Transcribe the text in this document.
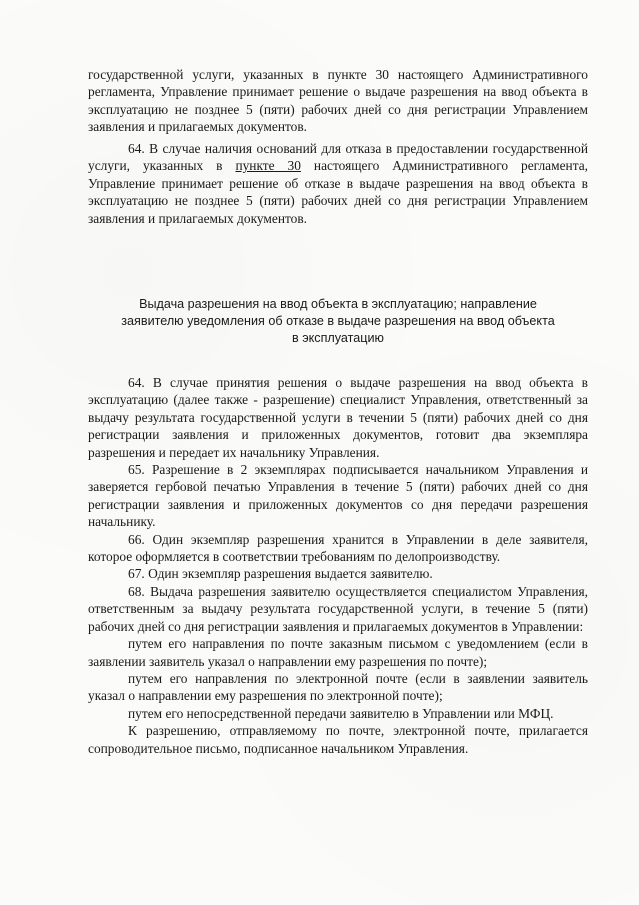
государственной услуги, указанных в пункте 30 настоящего Административного регламента, Управление принимает решение о выдаче разрешения на ввод объекта в эксплуатацию не позднее 5 (пяти) рабочих дней со дня регистрации Управлением заявления и прилагаемых документов.

64. В случае наличия оснований для отказа в предоставлении государственной услуги, указанных в пункте 30 настоящего Административного регламента, Управление принимает решение об отказе в выдаче разрешения на ввод объекта в эксплуатацию не позднее 5 (пяти) рабочих дней со дня регистрации Управлением заявления и прилагаемых документов.

Выдача разрешения на ввод объекта в эксплуатацию; направление
заявителю уведомления об отказе в выдаче разрешения на ввод объекта
в эксплуатацию

64. В случае принятия решения о выдаче разрешения на ввод объекта в эксплуатацию (далее также - разрешение) специалист Управления, ответственный за выдачу результата государственной услуги в течении 5 (пяти) рабочих дней со дня регистрации заявления и приложенных документов, готовит два экземпляра разрешения и передает их начальнику Управления.

65. Разрешение в 2 экземплярах подписывается начальником Управления и заверяется гербовой печатью Управления в течение 5 (пяти) рабочих дней со дня регистрации заявления и приложенных документов со дня передачи разрешения начальнику.

66. Один экземпляр разрешения хранится в Управлении в деле заявителя, которое оформляется в соответствии требованиям по делопроизводству.

67. Один экземпляр разрешения выдается заявителю.

68. Выдача разрешения заявителю осуществляется специалистом Управления, ответственным за выдачу результата государственной услуги, в течение 5 (пяти) рабочих дней со дня регистрации заявления и прилагаемых документов в Управлении:

путем его направления по почте заказным письмом с уведомлением (если в заявлении заявитель указал о направлении ему разрешения по почте);

путем его направления по электронной почте (если в заявлении заявитель указал о направлении ему разрешения по электронной почте);

путем его непосредственной передачи заявителю в Управлении или МФЦ.

К разрешению, отправляемому по почте, электронной почте, прилагается сопроводительное письмо, подписанное начальником Управления.
